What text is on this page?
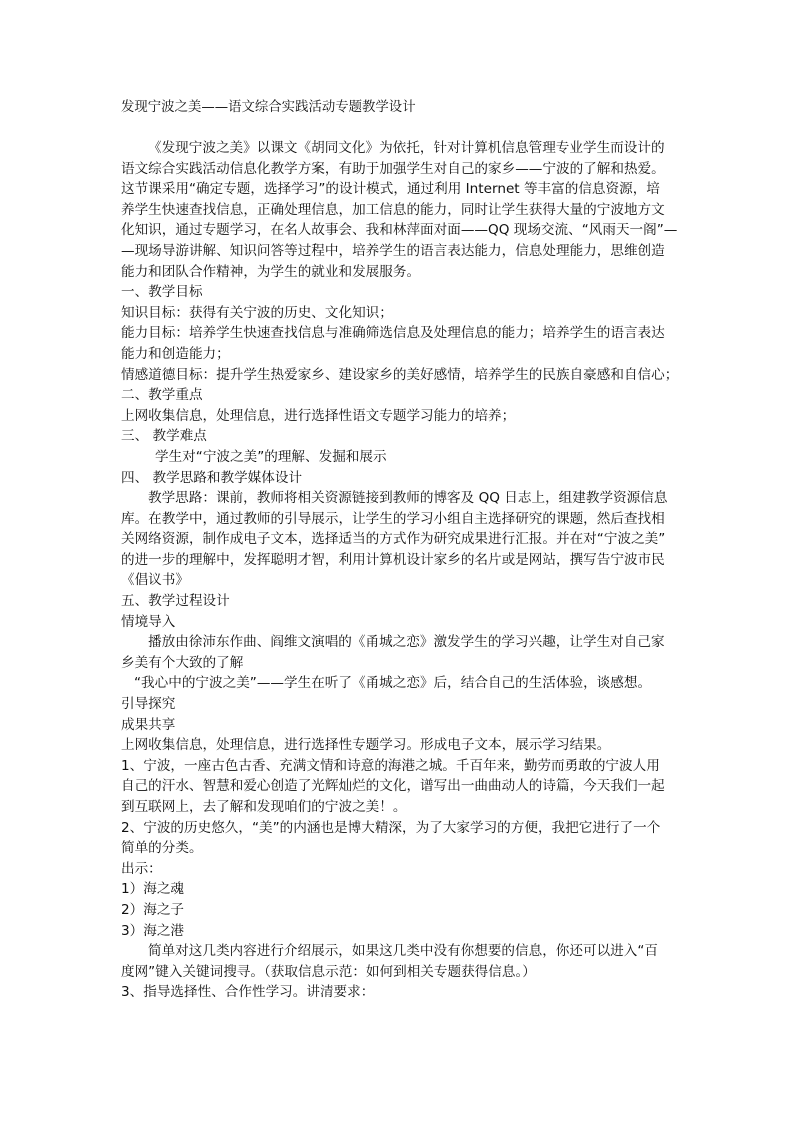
发现宁波之美——语文综合实践活动专题教学设计

《发现宁波之美》以课文《胡同文化》为依托，针对计算机信息管理专业学生而设计的

语文综合实践活动信息化教学方案，有助于加强学生对自己的家乡——宁波的了解和热爱。

这节课采用“确定专题，选择学习”的设计模式，通过利用 Internet 等丰富的信息资源，培

养学生快速查找信息，正确处理信息，加工信息的能力，同时让学生获得大量的宁波地方文

化知识，通过专题学习，在名人故事会、我和林萍面对面——QQ 现场交流、“风雨天一阁”—

—现场导游讲解、知识问答等过程中，培养学生的语言表达能力，信息处理能力，思维创造

能力和团队合作精神，为学生的就业和发展服务。

一、教学目标

知识目标：获得有关宁波的历史、文化知识；

能力目标：培养学生快速查找信息与准确筛选信息及处理信息的能力；培养学生的语言表达

能力和创造能力；

情感道德目标：提升学生热爱家乡、建设家乡的美好感情，培养学生的民族自豪感和自信心；

二、教学重点

上网收集信息，处理信息，进行选择性语文专题学习能力的培养；

三、 教学难点

学生对“宁波之美”的理解、发掘和展示

四、 教学思路和教学媒体设计

教学思路：课前，教师将相关资源链接到教师的博客及 QQ 日志上，组建教学资源信息

库。在教学中，通过教师的引导展示，让学生的学习小组自主选择研究的课题，然后查找相

关网络资源，制作成电子文本，选择适当的方式作为研究成果进行汇报。并在对“宁波之美”

的进一步的理解中，发挥聪明才智，利用计算机设计家乡的名片或是网站，撰写告宁波市民

《倡议书》

五、教学过程设计

情境导入

播放由徐沛东作曲、阎维文演唱的《甬城之恋》激发学生的学习兴趣，让学生对自己家

乡美有个大致的了解

“我心中的宁波之美”——学生在听了《甬城之恋》后，结合自己的生活体验，谈感想。

引导探究

成果共享

上网收集信息，处理信息，进行选择性专题学习。形成电子文本，展示学习结果。

1、宁波，一座古色古香、充满文情和诗意的海港之城。千百年来，勤劳而勇敢的宁波人用

自己的汗水、智慧和爱心创造了光辉灿烂的文化，谱写出一曲曲动人的诗篇，今天我们一起

到互联网上，去了解和发现咱们的宁波之美！。

2、宁波的历史悠久，“美”的内涵也是博大精深，为了大家学习的方便，我把它进行了一个

简单的分类。

出示：

1）海之魂

2）海之子

3）海之港

简单对这几类内容进行介绍展示，如果这几类中没有你想要的信息，你还可以进入“百

度网”键入关键词搜寻。（获取信息示范：如何到相关专题获得信息。）

3、指导选择性、合作性学习。讲清要求：
